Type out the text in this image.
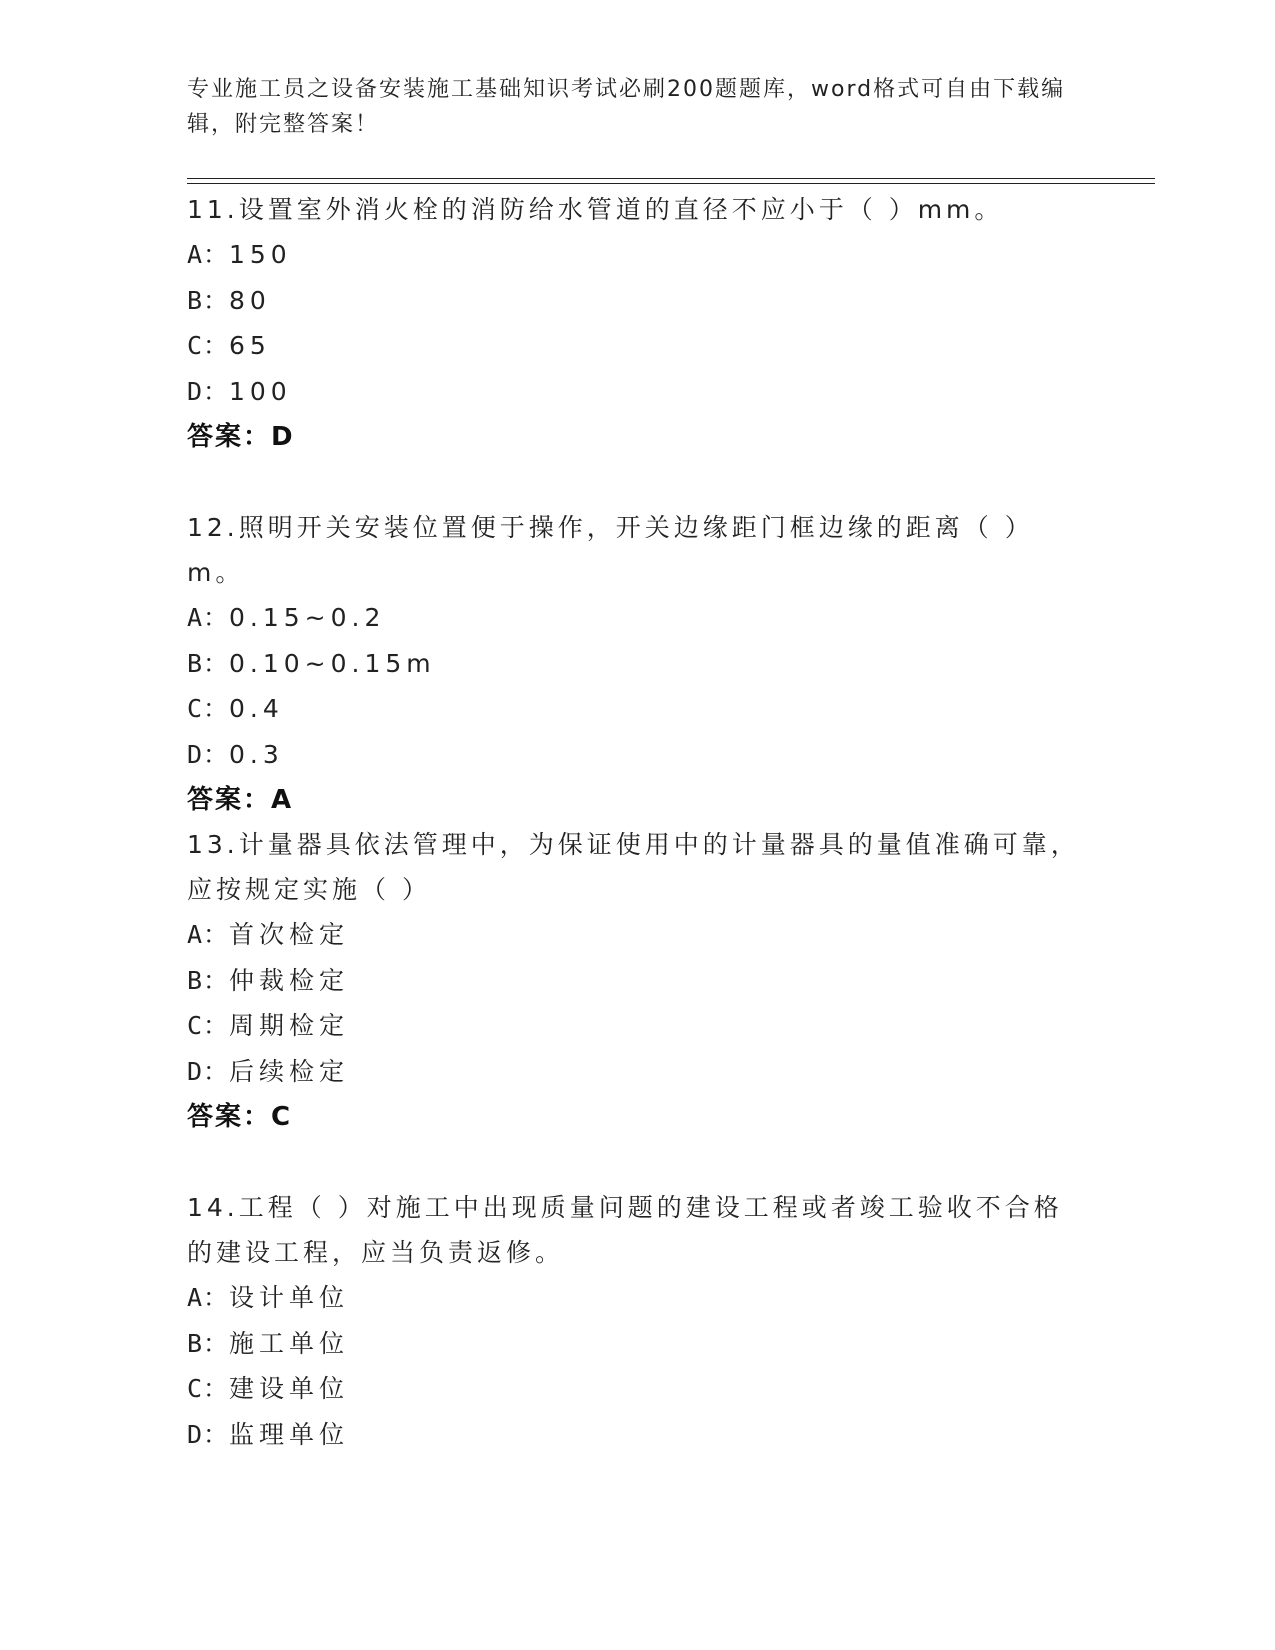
专业施工员之设备安装施工基础知识考试必刷200题题库，word格式可自由下载编辑，附完整答案！

11.设置室外消火栓的消防给水管道的直径不应小于（ ）mm。

A：150
B：80
C：65
D：100
答案：D

12.照明开关安装位置便于操作，开关边缘距门框边缘的距离（ ）m。

A：0.15~0.2
B：0.10~0.15m
C：0.4
D：0.3
答案：A

13.计量器具依法管理中，为保证使用中的计量器具的量值准确可靠，应按规定实施（ ）

A：首次检定
B：仲裁检定
C：周期检定
D：后续检定
答案：C

14.工程（ ）对施工中出现质量问题的建设工程或者竣工验收不合格的建设工程，应当负责返修。

A：设计单位
B：施工单位
C：建设单位
D：监理单位
